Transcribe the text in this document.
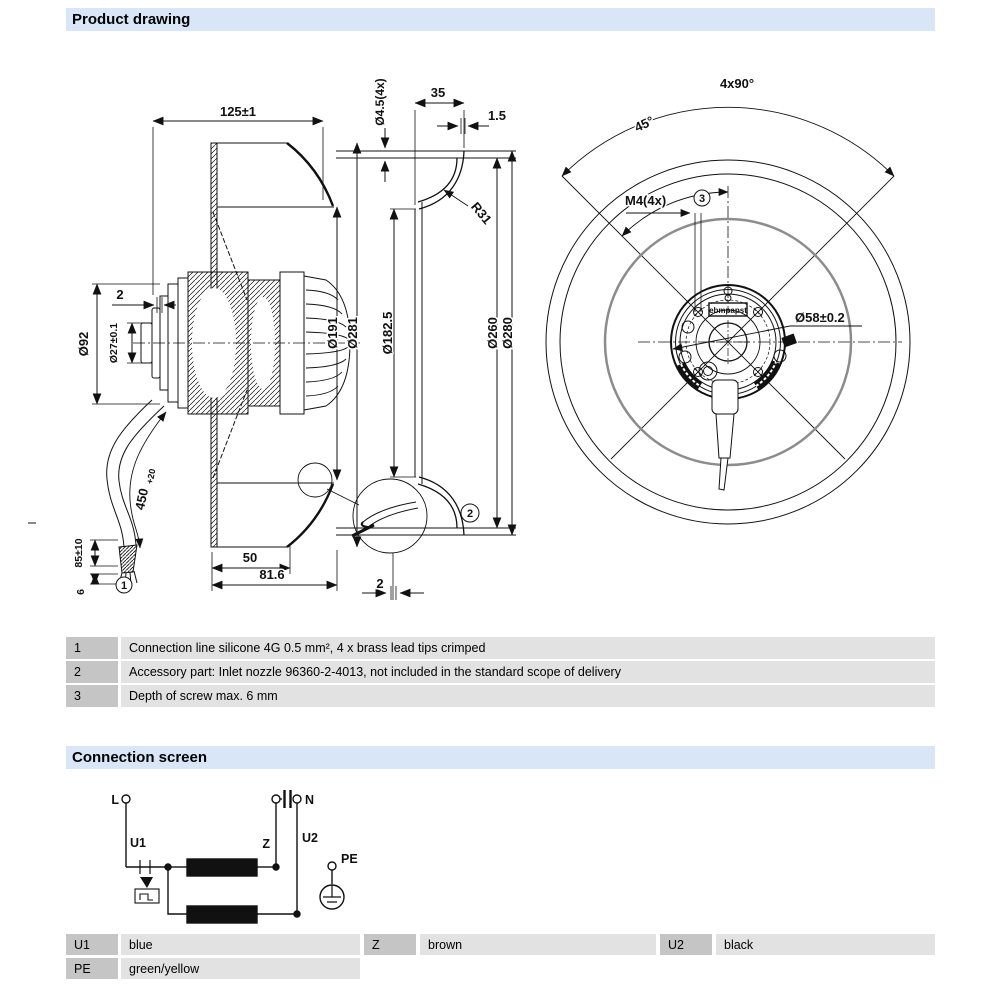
Product drawing
Connection screen
125±1
2
Ø92 Ø27±0.1	Ø191 Ø281
450
+20
85±10
6	1
50
81.6
35
1.5
Ø4.5(4x)
R31
Ø182.5	Ø260 Ø280
2
2
ebmpapst
4x90°
45°
M4(4x)	3
Ø58±0.2
1	Connection line silicone 4G 0.5 mm², 4 x brass lead tips crimped
2	Accessory part: Inlet nozzle 96360-2-4013, not included in the standard scope of delivery
3	Depth of screw max. 6 mm
L	N
U1	Z	U2
PE
U1	blue	Z	brown	U2	black
PE	green/yellow
